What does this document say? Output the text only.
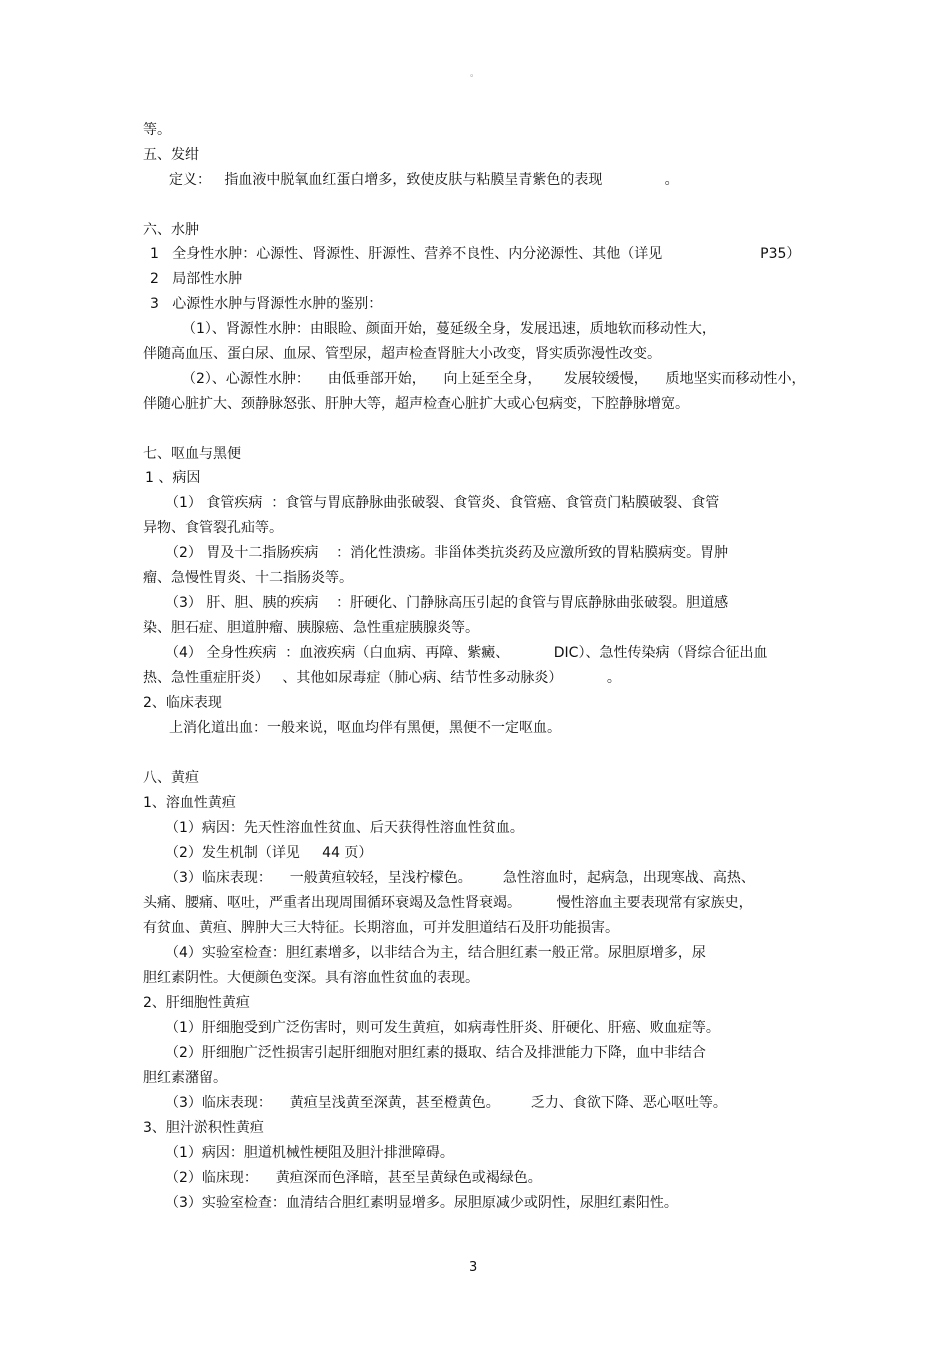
。
等。
五、发绀
定义：   指血液中脱氧血红蛋白增多，致使皮肤与粘膜呈青紫色的表现              。
六、水肿
1   全身性水肿：心源性、肾源性、肝源性、营养不良性、内分泌源性、其他（详见                      P35）
2   局部性水肿
3   心源性水肿与肾源性水肿的鉴别：
（1）、肾源性水肿：由眼睑、颜面开始，蔓延级全身，发展迅速，质地软而移动性大，
伴随高血压、蛋白尿、血尿、管型尿，超声检查肾脏大小改变，肾实质弥漫性改变。
（2）、心源性水肿：    由低垂部开始，    向上延至全身，     发展较缓慢，    质地坚实而移动性小，
伴随心脏扩大、颈静脉怒张、肝肿大等，超声检查心脏扩大或心包病变，下腔静脉增宽。
七、呕血与黑便
1 、病因
（1） 食管疾病  ：食管与胃底静脉曲张破裂、食管炎、食管癌、食管贲门粘膜破裂、食管
异物、食管裂孔疝等。
（2） 胃及十二指肠疾病    ：消化性溃疡。非甾体类抗炎药及应激所致的胃粘膜病变。胃肿
瘤、急慢性胃炎、十二指肠炎等。
（3） 肝、胆、胰的疾病    ：肝硬化、门静脉高压引起的食管与胃底静脉曲张破裂。胆道感
染、胆石症、胆道肿瘤、胰腺癌、急性重症胰腺炎等。
（4） 全身性疾病  ：血液疾病（白血病、再障、紫癜、          DIC）、急性传染病（肾综合征出血
热、急性重症肝炎）   、其他如尿毒症（肺心病、结节性多动脉炎）          。
2、临床表现
上消化道出血：一般来说，呕血均伴有黑便，黑便不一定呕血。
八、黄疸
1、溶血性黄疸
（1）病因：先天性溶血性贫血、后天获得性溶血性贫血。
（2）发生机制（详见     44 页）
（3）临床表现：    一般黄疸较轻，呈浅柠檬色。       急性溶血时，起病急，出现寒战、高热、
头痛、腰痛、呕吐，严重者出现周围循环衰竭及急性肾衰竭。        慢性溶血主要表现常有家族史，
有贫血、黄疸、脾肿大三大特征。长期溶血，可并发胆道结石及肝功能损害。
（4）实验室检查：胆红素增多，以非结合为主，结合胆红素一般正常。尿胆原增多，尿
胆红素阴性。大便颜色变深。具有溶血性贫血的表现。
2、肝细胞性黄疸
（1）肝细胞受到广泛伤害时，则可发生黄疸，如病毒性肝炎、肝硬化、肝癌、败血症等。
（2）肝细胞广泛性损害引起肝细胞对胆红素的摄取、结合及排泄能力下降，血中非结合
胆红素潴留。
（3）临床表现：    黄疸呈浅黄至深黄，甚至橙黄色。       乏力、食欲下降、恶心呕吐等。
3、胆汁淤积性黄疸
（1）病因：胆道机械性梗阻及胆汁排泄障碍。
（2）临床现：    黄疸深而色泽暗，甚至呈黄绿色或褐绿色。
（3）实验室检查：血清结合胆红素明显增多。尿胆原减少或阴性，尿胆红素阳性。
3
